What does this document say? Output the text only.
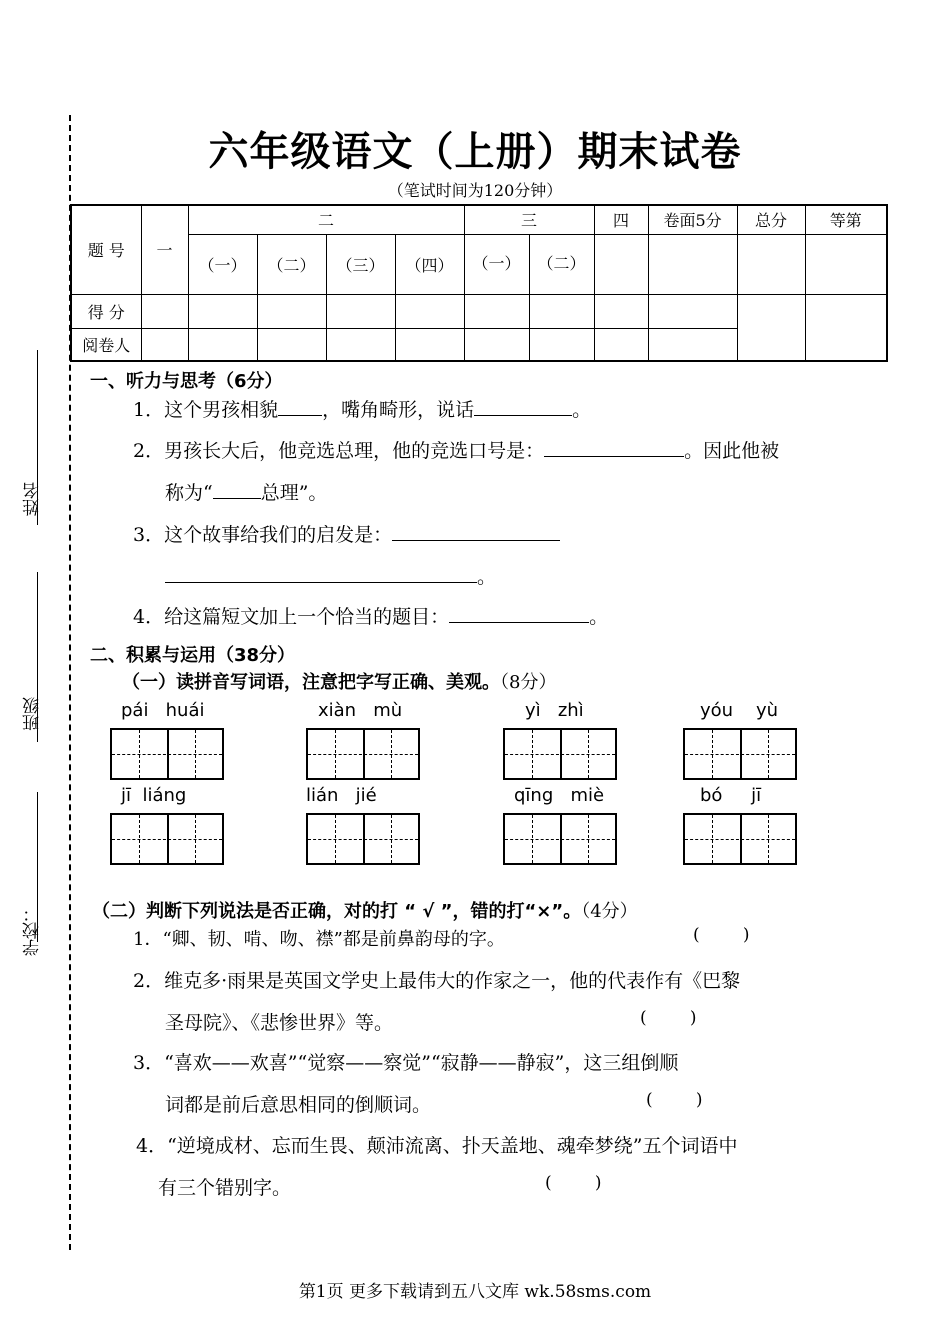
姓名
班级
学校：
六年级语文（上册）期末试卷
（笔试时间为120分钟）
题 号	一	二				三		四	卷面5分	总分	等第
		（一）	（二）	（三）	（四）	（一）	（二）				
得 分											
阅卷人											
一、听力与思考（6分）
1．这个男孩相貌 ，嘴角畸形，说话	。
2．男孩长大后，他竞选总理，他的竞选口号是：	。因此他被
称为“	总理”。
3．这个故事给我们的启发是：
。
4．给这篇短文加上一个恰当的题目：	。
二、积累与运用（38分）
（一）读拼音写词语，注意把字写正确、美观。（8分）
pái huái	xiàn mù	yì zhì	yóu yù
jī liáng	lián jié	qīng miè	bó jī
（二）判断下列说法是否正确，对的打 “ √ ”，错的打“×”。（4分）
1．“卿、韧、啃、吻、襟”都是前鼻韵母的字。	(        )
2．维克多·雨果是英国文学史上最伟大的作家之一，他的代表作有《巴黎
圣母院》、《悲惨世界》等。	(        )
3．“喜欢——欢喜”“觉察——察觉”“寂静——静寂”，这三组倒顺
词都是前后意思相同的倒顺词。	(        )
4．“逆境成材、忘而生畏、颠沛流离、扑天盖地、魂牵梦绕”五个词语中
有三个错别字。	(        )
第1页 更多下载请到五八文库 wk.58sms.com
